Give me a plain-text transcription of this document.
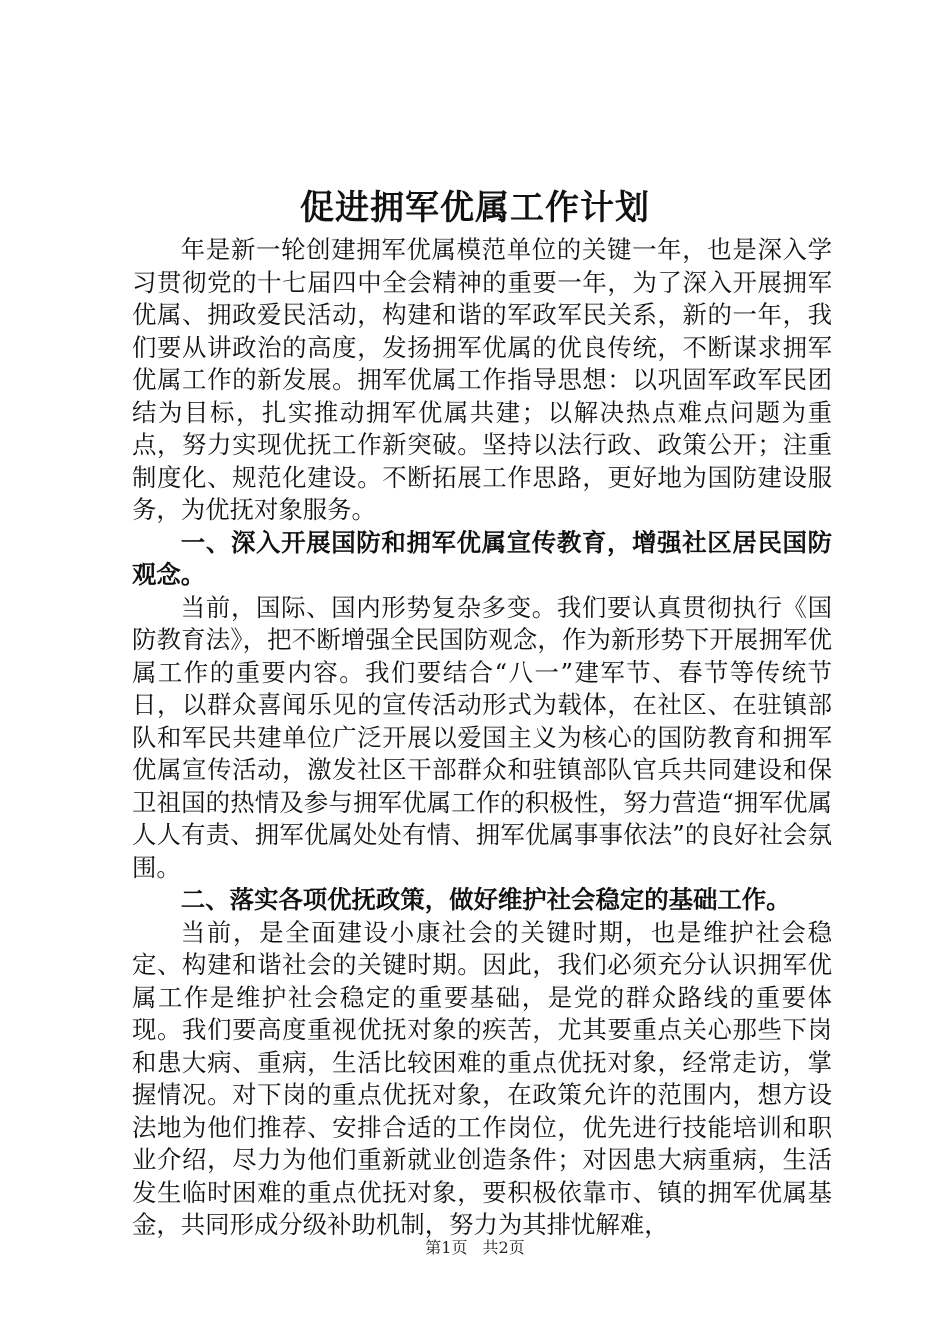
促进拥军优属工作计划

年是新一轮创建拥军优属模范单位的关键一年，也是深入学习贯彻党的十七届四中全会精神的重要一年，为了深入开展拥军优属、拥政爱民活动，构建和谐的军政军民关系，新的一年，我们要从讲政治的高度，发扬拥军优属的优良传统，不断谋求拥军优属工作的新发展。拥军优属工作指导思想：以巩固军政军民团结为目标，扎实推动拥军优属共建；以解决热点难点问题为重点，努力实现优抚工作新突破。坚持以法行政、政策公开；注重制度化、规范化建设。不断拓展工作思路，更好地为国防建设服务，为优抚对象服务。

一、深入开展国防和拥军优属宣传教育，增强社区居民国防观念。

当前，国际、国内形势复杂多变。我们要认真贯彻执行《国防教育法》，把不断增强全民国防观念，作为新形势下开展拥军优属工作的重要内容。我们要结合“八一”建军节、春节等传统节日，以群众喜闻乐见的宣传活动形式为载体，在社区、在驻镇部队和军民共建单位广泛开展以爱国主义为核心的国防教育和拥军优属宣传活动，激发社区干部群众和驻镇部队官兵共同建设和保卫祖国的热情及参与拥军优属工作的积极性，努力营造“拥军优属人人有责、拥军优属处处有情、拥军优属事事依法”的良好社会氛围。

二、落实各项优抚政策，做好维护社会稳定的基础工作。

当前，是全面建设小康社会的关键时期，也是维护社会稳定、构建和谐社会的关键时期。因此，我们必须充分认识拥军优属工作是维护社会稳定的重要基础，是党的群众路线的重要体现。我们要高度重视优抚对象的疾苦，尤其要重点关心那些下岗和患大病、重病，生活比较困难的重点优抚对象，经常走访，掌握情况。对下岗的重点优抚对象，在政策允许的范围内，想方设法地为他们推荐、安排合适的工作岗位，优先进行技能培训和职业介绍，尽力为他们重新就业创造条件；对因患大病重病，生活发生临时困难的重点优抚对象，要积极依靠市、镇的拥军优属基金，共同形成分级补助机制，努力为其排忧解难，

第1页 共2页
